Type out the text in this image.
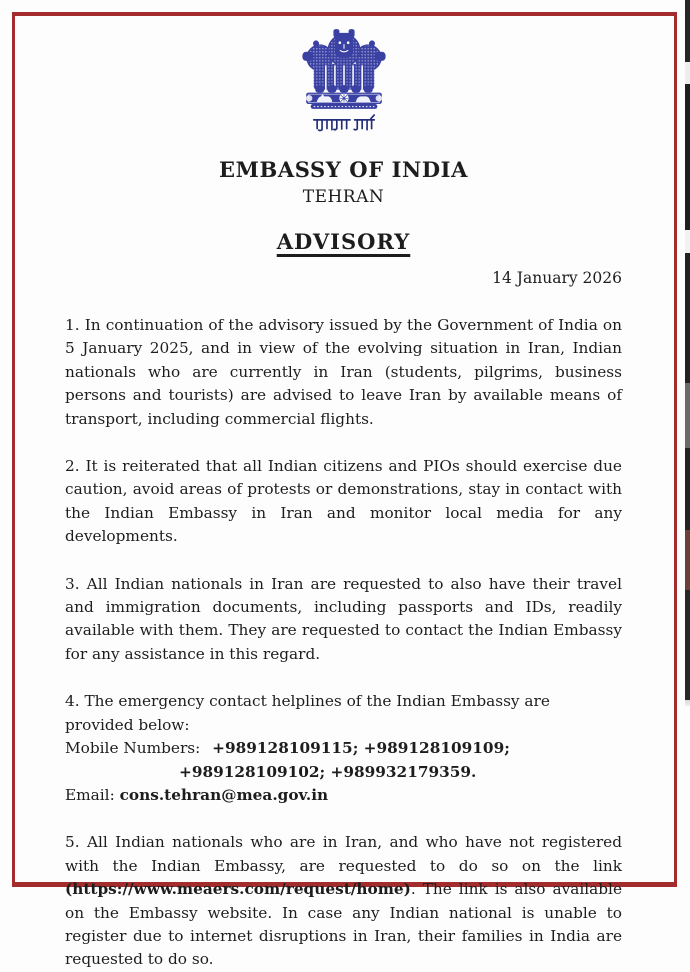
EMBASSY OF INDIA
TEHRAN
ADVISORY
14 January 2026

1. In continuation of the advisory issued by the Government of India on 5 January 2025, and in view of the evolving situation in Iran, Indian nationals who are currently in Iran (students, pilgrims, business persons and tourists) are advised to leave Iran by available means of transport, including commercial flights.

2. It is reiterated that all Indian citizens and PIOs should exercise due caution, avoid areas of protests or demonstrations, stay in contact with the Indian Embassy in Iran and monitor local media for any developments.

3. All Indian nationals in Iran are requested to also have their travel and immigration documents, including passports and IDs, readily available with them. They are requested to contact the Indian Embassy for any assistance in this regard.

4. The emergency contact helplines of the Indian Embassy are provided below:
Mobile Numbers: +989128109115; +989128109109;
+989128109102; +989932179359.
Email: cons.tehran@mea.gov.in

5. All Indian nationals who are in Iran, and who have not registered with the Indian Embassy, are requested to do so on the link (https://www.meaers.com/request/home). The link is also available on the Embassy website. In case any Indian national is unable to register due to internet disruptions in Iran, their families in India are requested to do so.
